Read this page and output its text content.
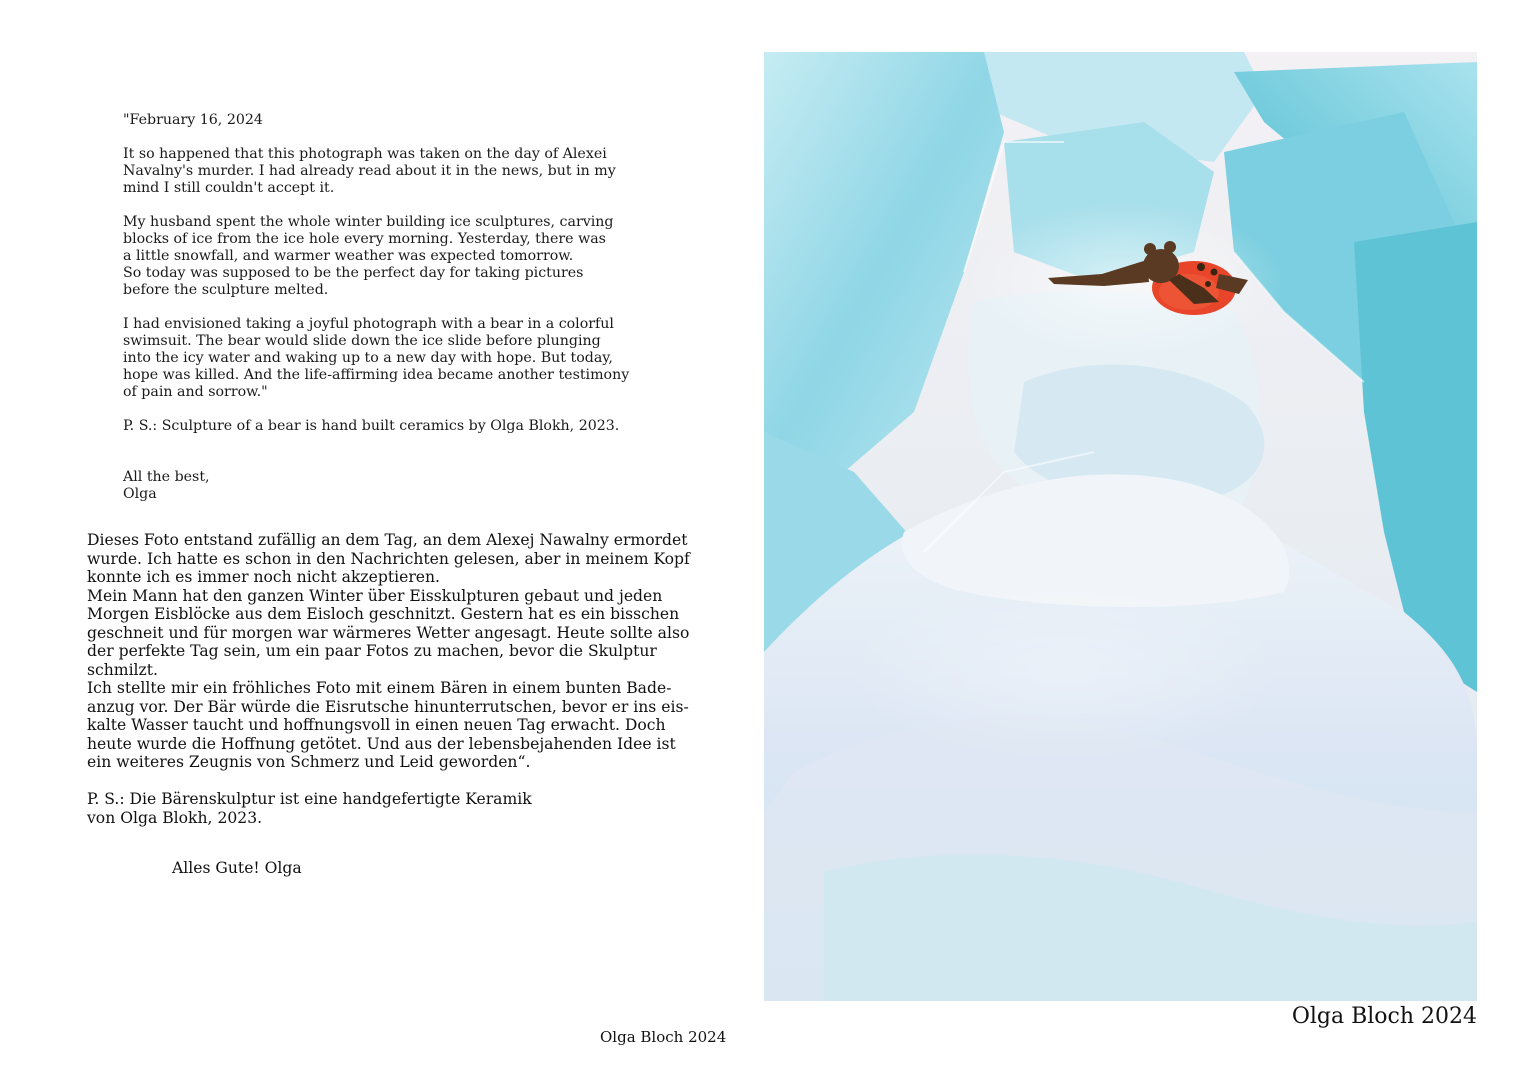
"February 16, 2024

It so happened that this photograph was taken on the day of Alexei
Navalny's murder. I had already read about it in the news, but in my
mind I still couldn't accept it.

My husband spent the whole winter building ice sculptures, carving
blocks of ice from the ice hole every morning. Yesterday, there was
a little snowfall, and warmer weather was expected tomorrow.
So today was supposed to be the perfect day for taking pictures
before the sculpture melted.

I had envisioned taking a joyful photograph with a bear in a colorful
swimsuit. The bear would slide down the ice slide before plunging
into the icy water and waking up to a new day with hope. But today,
hope was killed. And the life-affirming idea became another testimony
of pain and sorrow."

P. S.: Sculpture of a bear is hand built ceramics by Olga Blokh, 2023.

All the best,
Olga

Dieses Foto entstand zufällig an dem Tag, an dem Alexej Nawalny ermordet
wurde. Ich hatte es schon in den Nachrichten gelesen, aber in meinem Kopf
konnte ich es immer noch nicht akzeptieren.
Mein Mann hat den ganzen Winter über Eisskulpturen gebaut und jeden
Morgen Eisblöcke aus dem Eisloch geschnitzt. Gestern hat es ein bisschen
geschneit und für morgen war wärmeres Wetter angesagt. Heute sollte also
der perfekte Tag sein, um ein paar Fotos zu machen, bevor die Skulptur
schmilzt.
Ich stellte mir ein fröhliches Foto mit einem Bären in einem bunten Bade-
anzug vor. Der Bär würde die Eisrutsche hinunterrutschen, bevor er ins eis-
kalte Wasser taucht und hoffnungsvoll in einen neuen Tag erwacht. Doch
heute wurde die Hoffnung getötet. Und aus der lebensbejahenden Idee ist
ein weiteres Zeugnis von Schmerz und Leid geworden“.

P. S.: Die Bärenskulptur ist eine handgefertigte Keramik
von Olga Blokh, 2023.

Alles Gute! Olga

Olga Bloch 2024
Olga Bloch 2024
